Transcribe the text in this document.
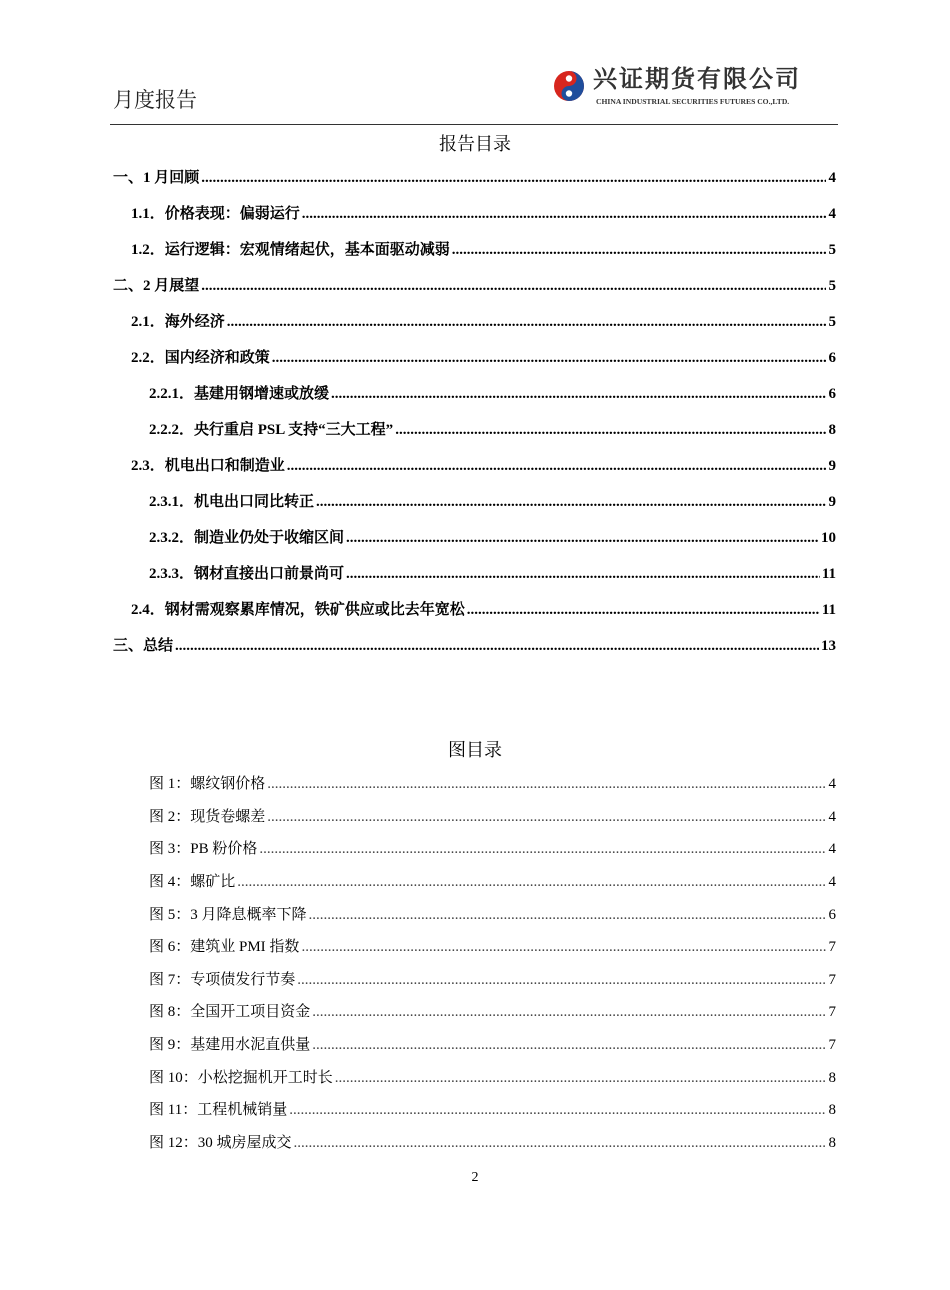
月度报告
兴证期货有限公司
CHINA INDUSTRIAL SECURITIES FUTURES CO.,LTD.
报告目录
一、1 月回顾 .....	4
1.1．价格表现：偏弱运行 .....	4
1.2．运行逻辑：宏观情绪起伏，基本面驱动减弱 .....	5
二、2 月展望 .....	5
2.1．海外经济 .....	5
2.2．国内经济和政策 .....	6
2.2.1．基建用钢增速或放缓 .....	6
2.2.2．央行重启 PSL 支持“三大工程” .....	8
2.3．机电出口和制造业 .....	9
2.3.1．机电出口同比转正 .....	9
2.3.2．制造业仍处于收缩区间 .....	10
2.3.3．钢材直接出口前景尚可 .....	11
2.4．钢材需观察累库情况，铁矿供应或比去年宽松 .....	11
三、总结 .....	13
图目录
图 1：螺纹钢价格 .....	4
图 2：现货卷螺差 .....	4
图 3：PB 粉价格 .....	4
图 4：螺矿比 .....	4
图 5：3 月降息概率下降 .....	6
图 6：建筑业 PMI 指数 .....	7
图 7：专项债发行节奏 .....	7
图 8：全国开工项目资金 .....	7
图 9：基建用水泥直供量 .....	7
图 10：小松挖掘机开工时长 .....	8
图 11：工程机械销量 .....	8
图 12：30 城房屋成交 .....	8
2
